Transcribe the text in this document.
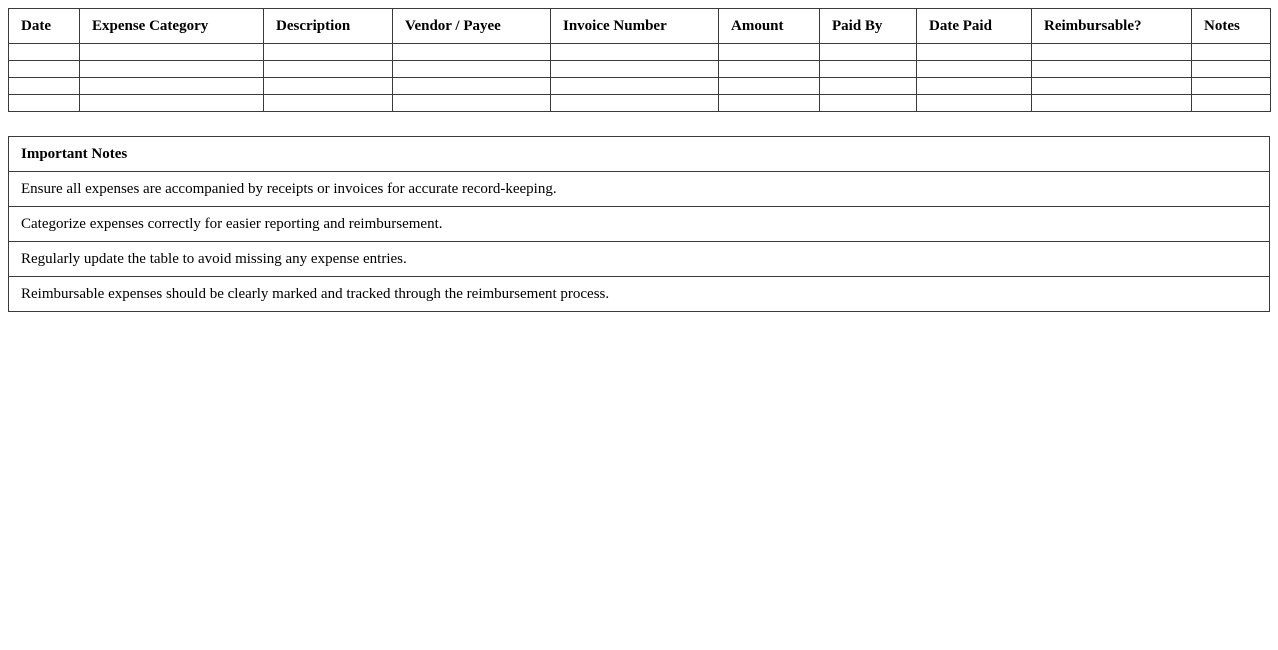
Date	Expense Category	Description	Vendor / Payee	Invoice Number	Amount	Paid By	Date Paid	Reimbursable?	Notes

Important Notes
Ensure all expenses are accompanied by receipts or invoices for accurate record-keeping.
Categorize expenses correctly for easier reporting and reimbursement.
Regularly update the table to avoid missing any expense entries.
Reimbursable expenses should be clearly marked and tracked through the reimbursement process.
